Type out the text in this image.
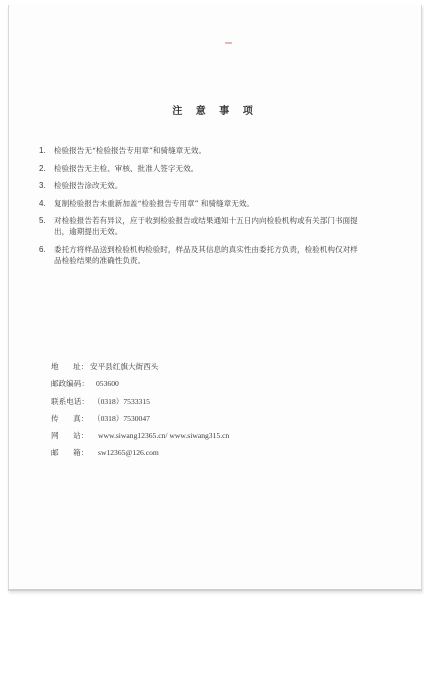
注 意 事 项
1. 检验报告无“检验报告专用章”和骑缝章无效。
2. 检验报告无主检、审核、批准人签字无效。
3. 检验报告涂改无效。
4. 复制检验报告未重新加盖“检验报告专用章” 和骑缝章无效。
5. 对检验报告若有异议，应于收到检验报告或结果通知十五日内向检验机构或有关部门书面提
出，逾期提出无效。
6. 委托方将样品送到检验机构检验时，样品及其信息的真实性由委托方负责，检验机构仅对样
品检验结果的准确性负责。
地      址： 安平县红旗大街西头
邮政编码： 053600
联系电话： （0318）7533315
传      真： （0318）7530047
网      站： www.siwang12365.cn/ www.siwang315.cn
邮      箱： sw12365@126.com
